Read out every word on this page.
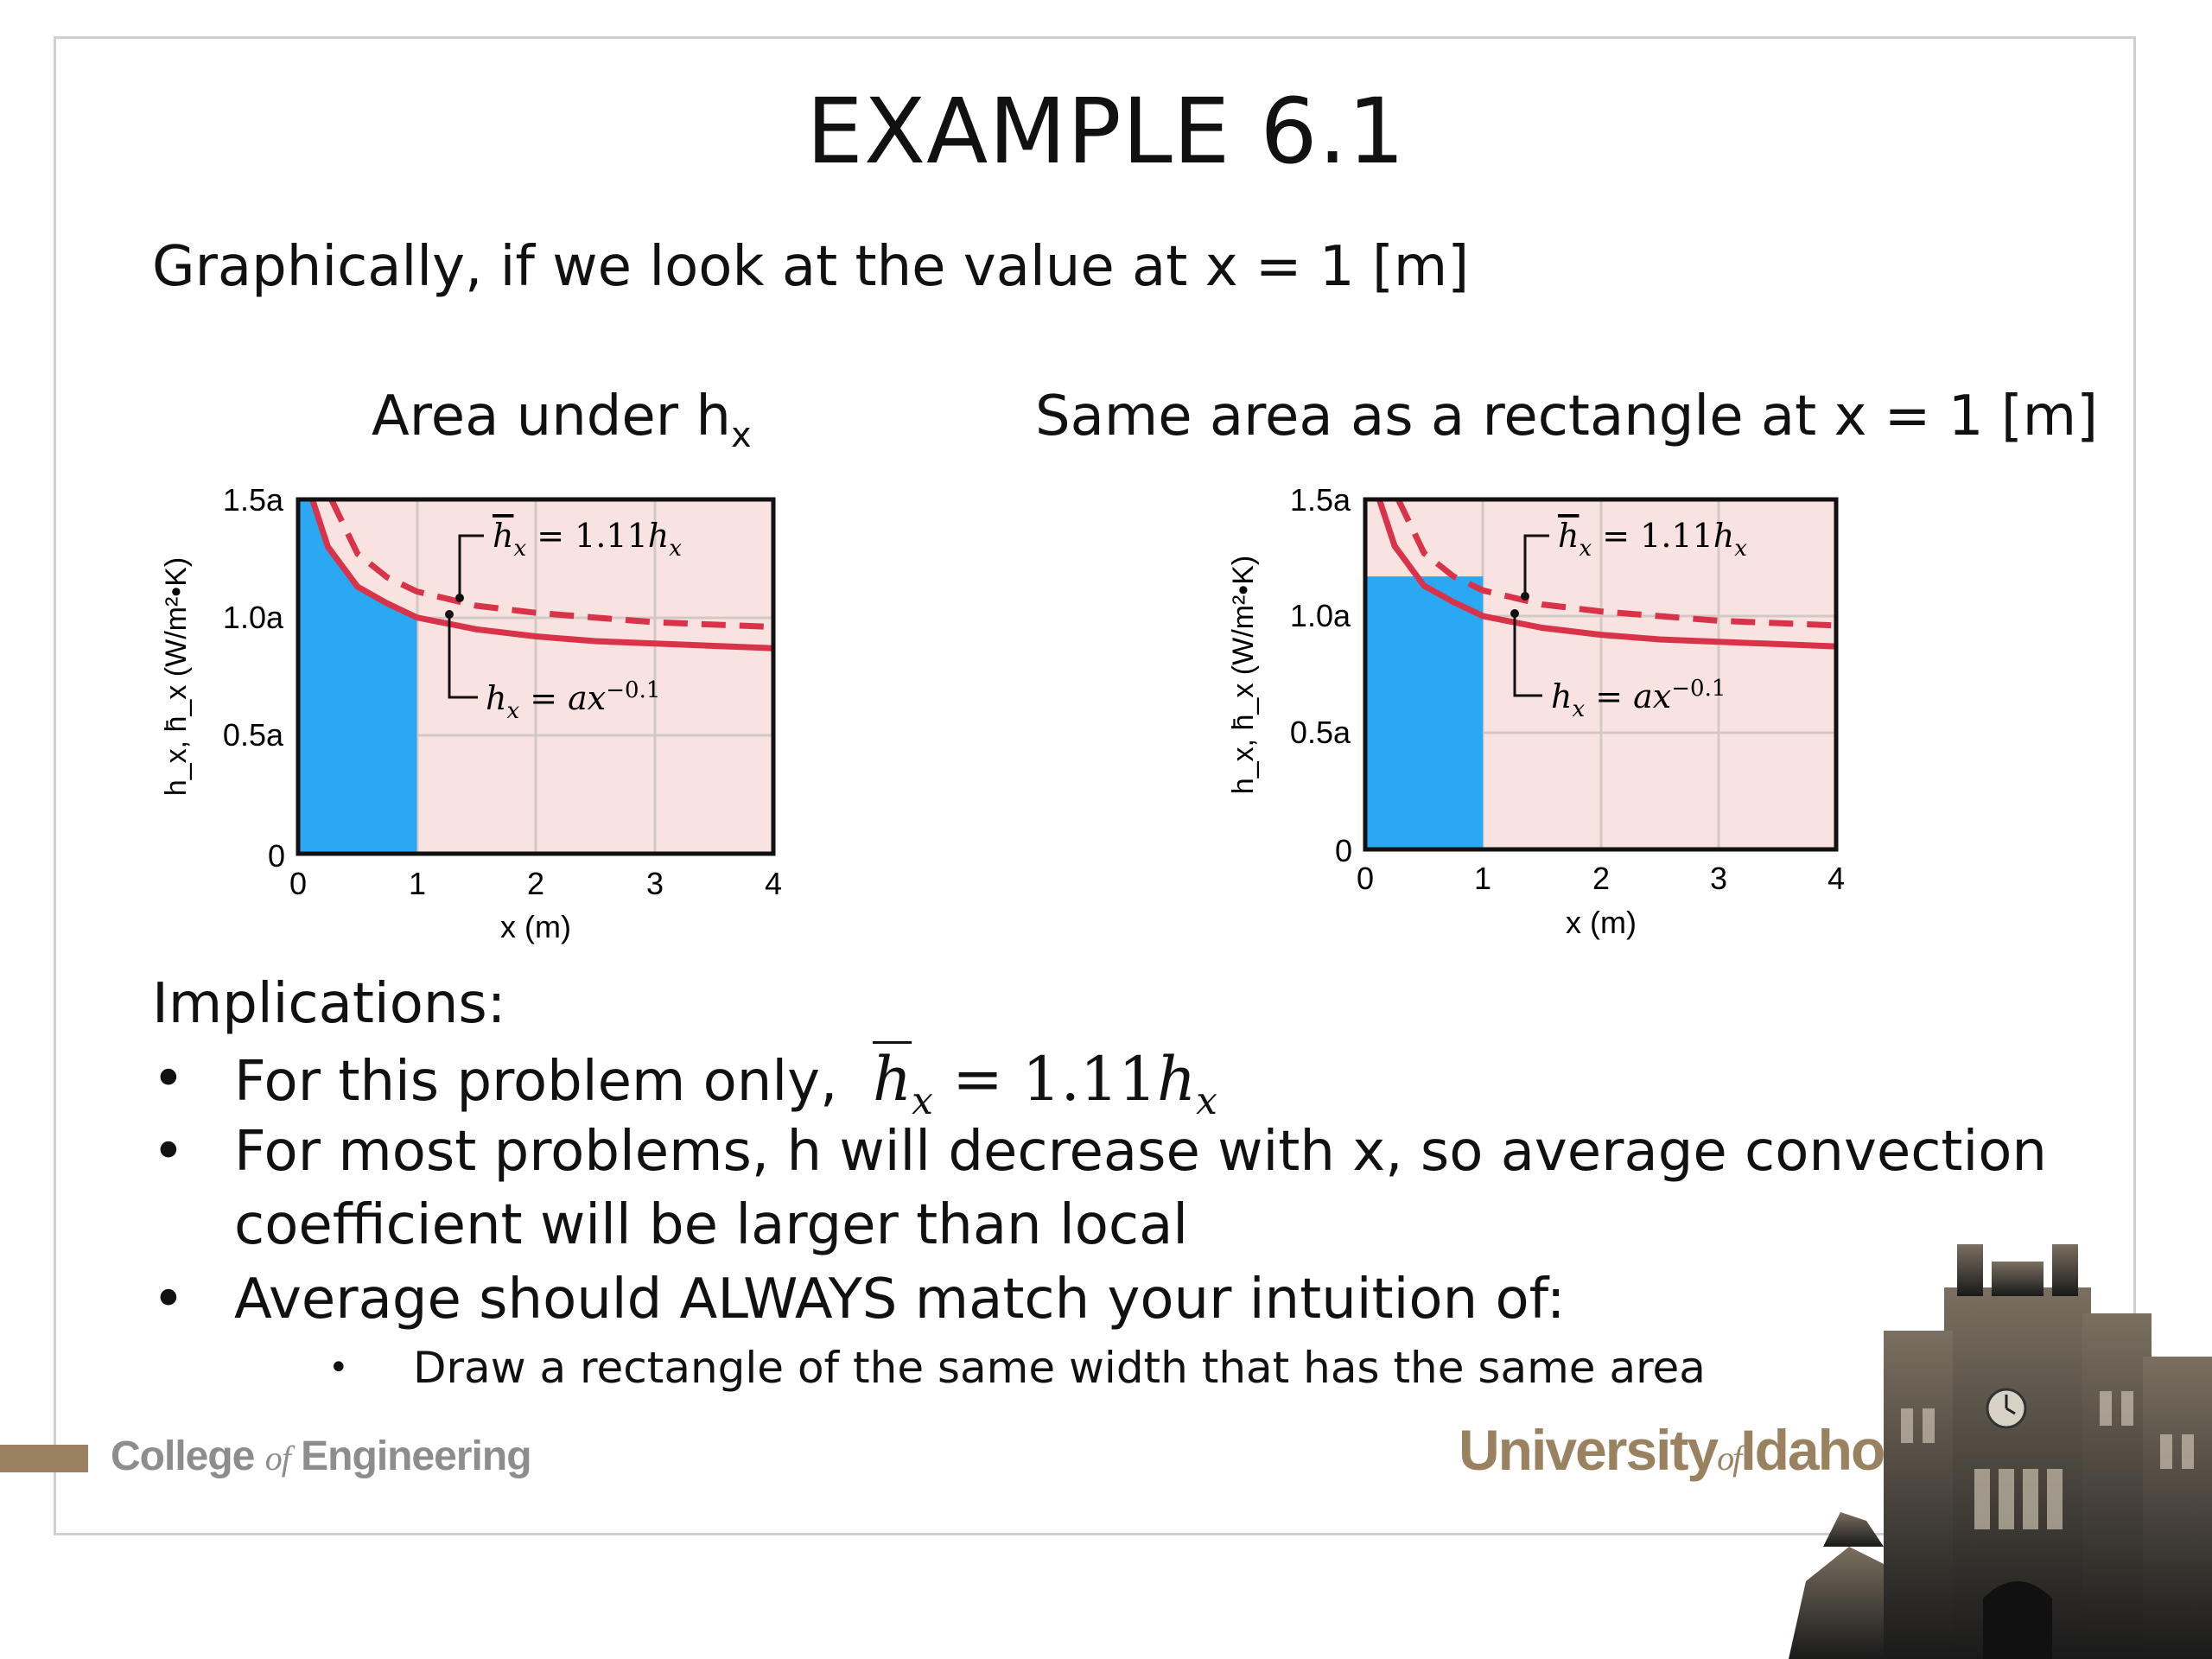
EXAMPLE 6.1
Graphically, if we look at the value at x = 1 [m]
Area under $h_x$	Same area as a rectangle at x = 1 [m]
1.5a
1.0a
0.5a
0
0	1	2	3	4
x (m)
h_x, h̄_x (W/m²•K)
$h_x = 1.11h_x$
$h_x = ax^{-0.1}$
1.5a
1.0a
0.5a
0
0	1	2	3	4
x (m)
h_x, h̄_x (W/m²•K)
$h_x = 1.11h_x$
$h_x = ax^{-0.1}$
Implications:
• For this problem only, $\overline{h}_x = 1.11h_x$
• For most problems, h will decrease with x, so average convection
coefficient will be larger than local
• Average should ALWAYS match your intuition of:
•	Draw a rectangle of the same width that has the same area
College of Engineering	UniversityofIdaho
